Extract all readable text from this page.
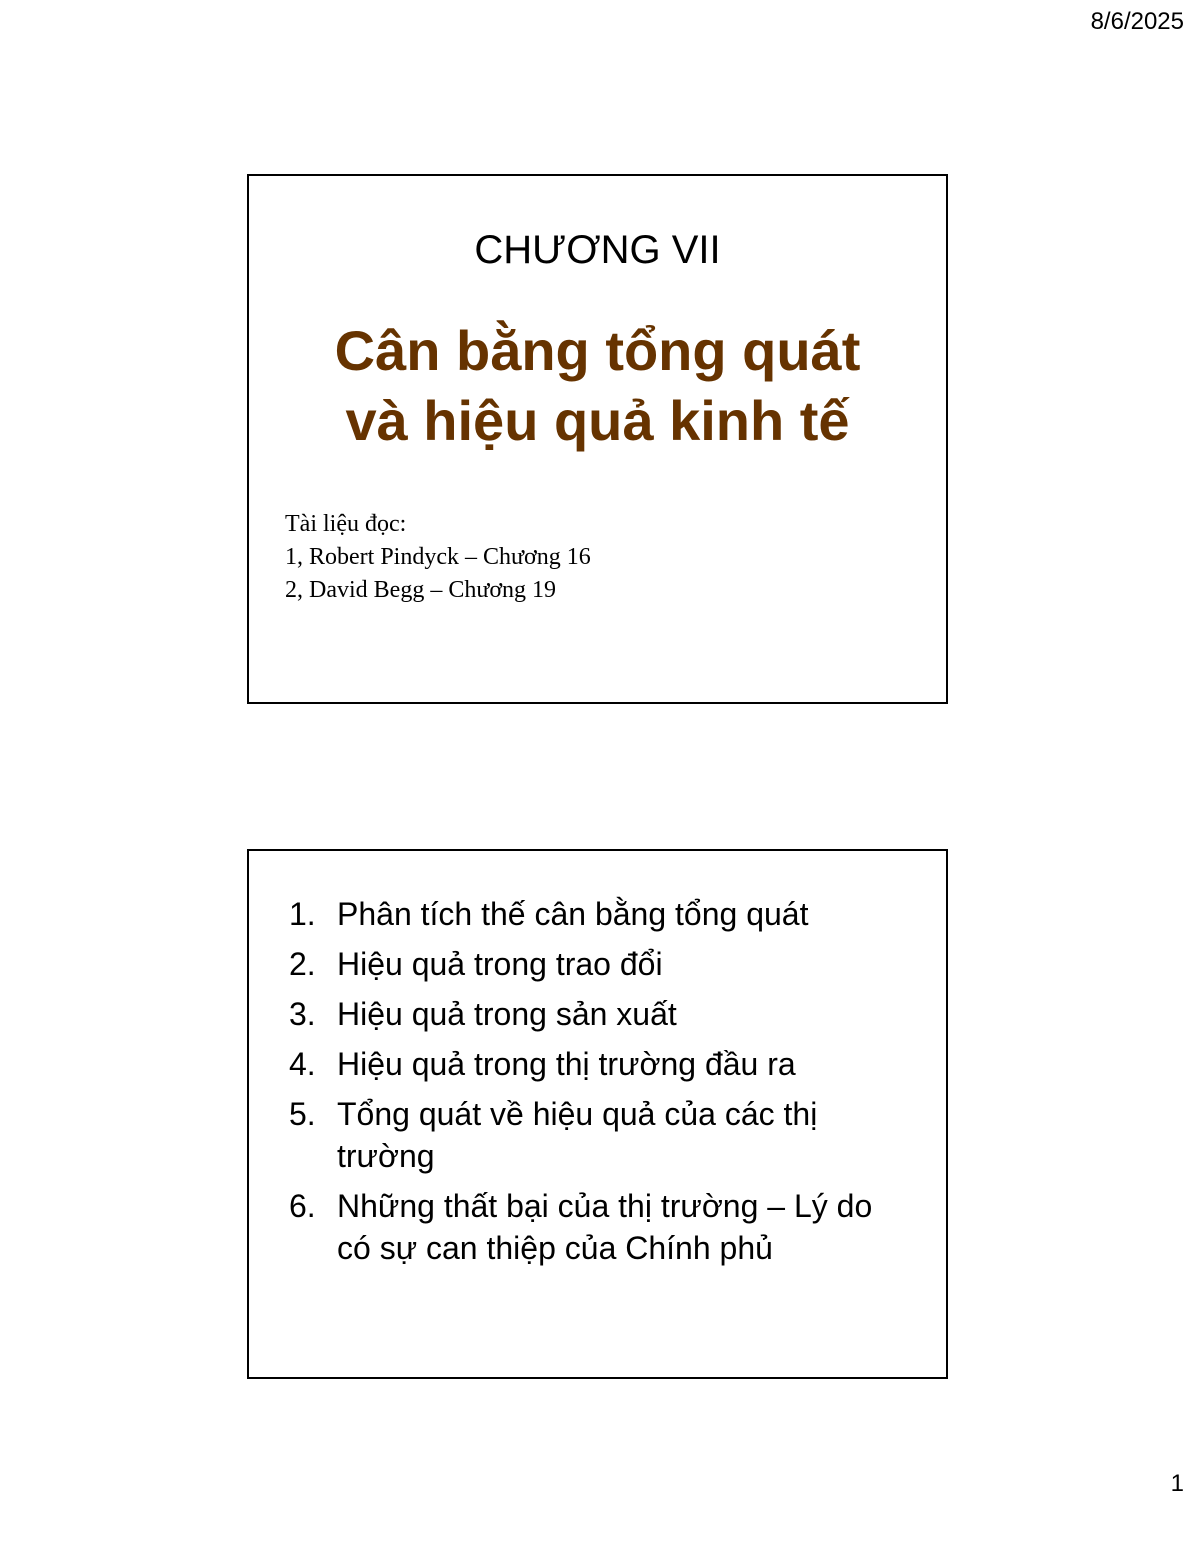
8/6/2025
CHƯƠNG VII
Cân bằng tổng quát
và hiệu quả kinh tế
Tài liệu đọc:
1, Robert Pindyck – Chương 16
2, David Begg – Chương 19
1. Phân tích thế cân bằng tổng quát
2. Hiệu quả trong trao đổi
3. Hiệu quả trong sản xuất
4. Hiệu quả trong thị trường đầu ra
5. Tổng quát về hiệu quả của các thị trường
6. Những thất bại của thị trường – Lý do có sự can thiệp của Chính phủ
1
